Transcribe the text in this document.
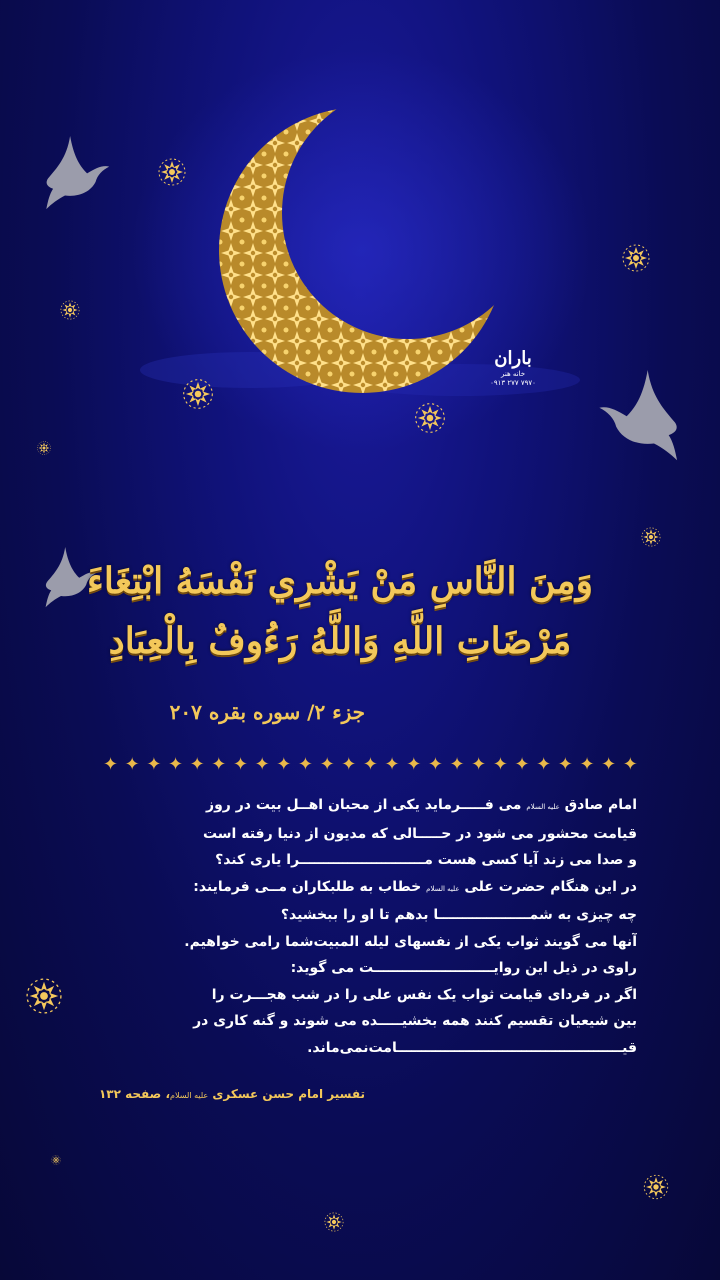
باران
خانه هنر
۰۹۱۳ ۲۷۷ ۷۹۷۰
وَمِنَ النَّاسِ مَنْ يَشْرِي نَفْسَهُ ابْتِغَاءَ
مَرْضَاتِ اللَّهِ وَاللَّهُ رَءُوفٌ بِالْعِبَادِ
جزء ۲/ سوره بقره ۲۰۷
✦ ✦ ✦ ✦ ✦ ✦ ✦ ✦ ✦ ✦ ✦ ✦ ✦ ✦ ✦ ✦ ✦ ✦ ✦ ✦ ✦ ✦ ✦ ✦ ✦
امام صادق علیه السلام می فـــــرماید یکی از محبان اهــل بیت در روز
قیامت محشور می شود در حـــــالی که مدیون از دنیا رفته است
و صدا می زند آیا کسی هست مــــــــــــــــــــــــــرا یاری کند؟
در این هنگام حضرت علی علیه السلام خطاب به طلبکاران مــی فرمایند:
چه چیزی به شمـــــــــــــــــــا بدهم تا او را ببخشید؟
آنها می گویند ثواب یکی از نفسهای لیله المبیت‌شما رامی خواهیم.
راوی در ذیل این روایـــــــــــــــــــــــــت می گوید:
اگر در فردای قیامت ثواب یک نفس علی را در شب هجـــرت را
بین شیعیان تقسیم کنند همه بخشیـــــده می شوند و گنه کاری در
قیـــــــــــــــــــــــــــــــــــــــــــــــامت‌نمی‌ماند.
تفسیر امام حسن عسکری علیه السلام، صفحه ۱۳۲
